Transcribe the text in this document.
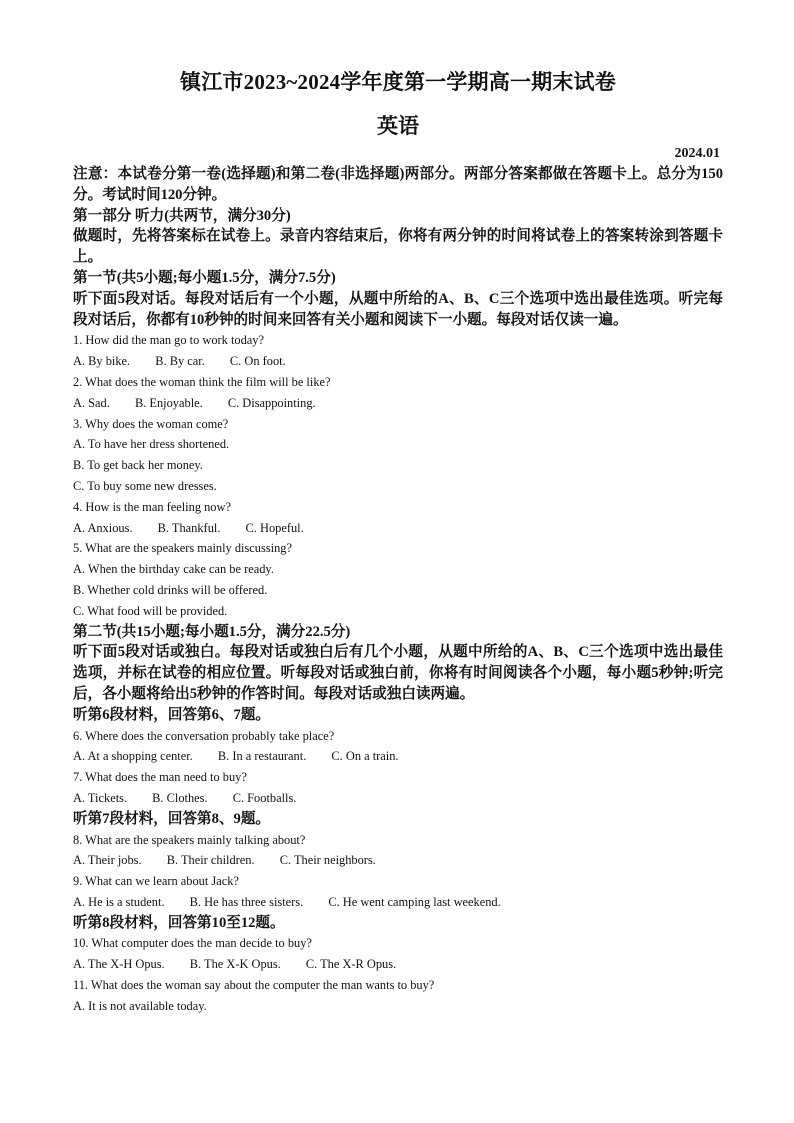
镇江市2023~2024学年度第一学期高一期末试卷
英语
2024.01

注意：本试卷分第一卷(选择题)和第二卷(非选择题)两部分。两部分答案都做在答题卡上。总分为150分。考试时间120分钟。

第一部分 听力(共两节，满分30分)

做题时，先将答案标在试卷上。录音内容结束后，你将有两分钟的时间将试卷上的答案转涂到答题卡上。

第一节(共5小题;每小题1.5分，满分7.5分)

听下面5段对话。每段对话后有一个小题，从题中所给的A、B、C三个选项中选出最佳选项。听完每段对话后，你都有10秒钟的时间来回答有关小题和阅读下一小题。每段对话仅读一遍。

1. How did the man go to work today?

A. By bike. B. By car. C. On foot.

2. What does the woman think the film will be like?

A. Sad. B. Enjoyable. C. Disappointing.

3. Why does the woman come?

A. To have her dress shortened.

B. To get back her money.

C. To buy some new dresses.

4. How is the man feeling now?

A. Anxious. B. Thankful. C. Hopeful.

5. What are the speakers mainly discussing?

A. When the birthday cake can be ready.

B. Whether cold drinks will be offered.

C. What food will be provided.

第二节(共15小题;每小题1.5分，满分22.5分)

听下面5段对话或独白。每段对话或独白后有几个小题，从题中所给的A、B、C三个选项中选出最佳选项，并标在试卷的相应位置。听每段对话或独白前，你将有时间阅读各个小题，每小题5秒钟;听完后，各小题将给出5秒钟的作答时间。每段对话或独白读两遍。

听第6段材料，回答第6、7题。

6. Where does the conversation probably take place?

A. At a shopping center. B. In a restaurant. C. On a train.

7. What does the man need to buy?

A. Tickets. B. Clothes. C. Footballs.

听第7段材料，回答第8、9题。

8. What are the speakers mainly talking about?

A. Their jobs. B. Their children. C. Their neighbors.

9. What can we learn about Jack?

A. He is a student. B. He has three sisters. C. He went camping last weekend.

听第8段材料，回答第10至12题。

10. What computer does the man decide to buy?

A. The X-H Opus. B. The X-K Opus. C. The X-R Opus.

11. What does the woman say about the computer the man wants to buy?

A. It is not available today.
